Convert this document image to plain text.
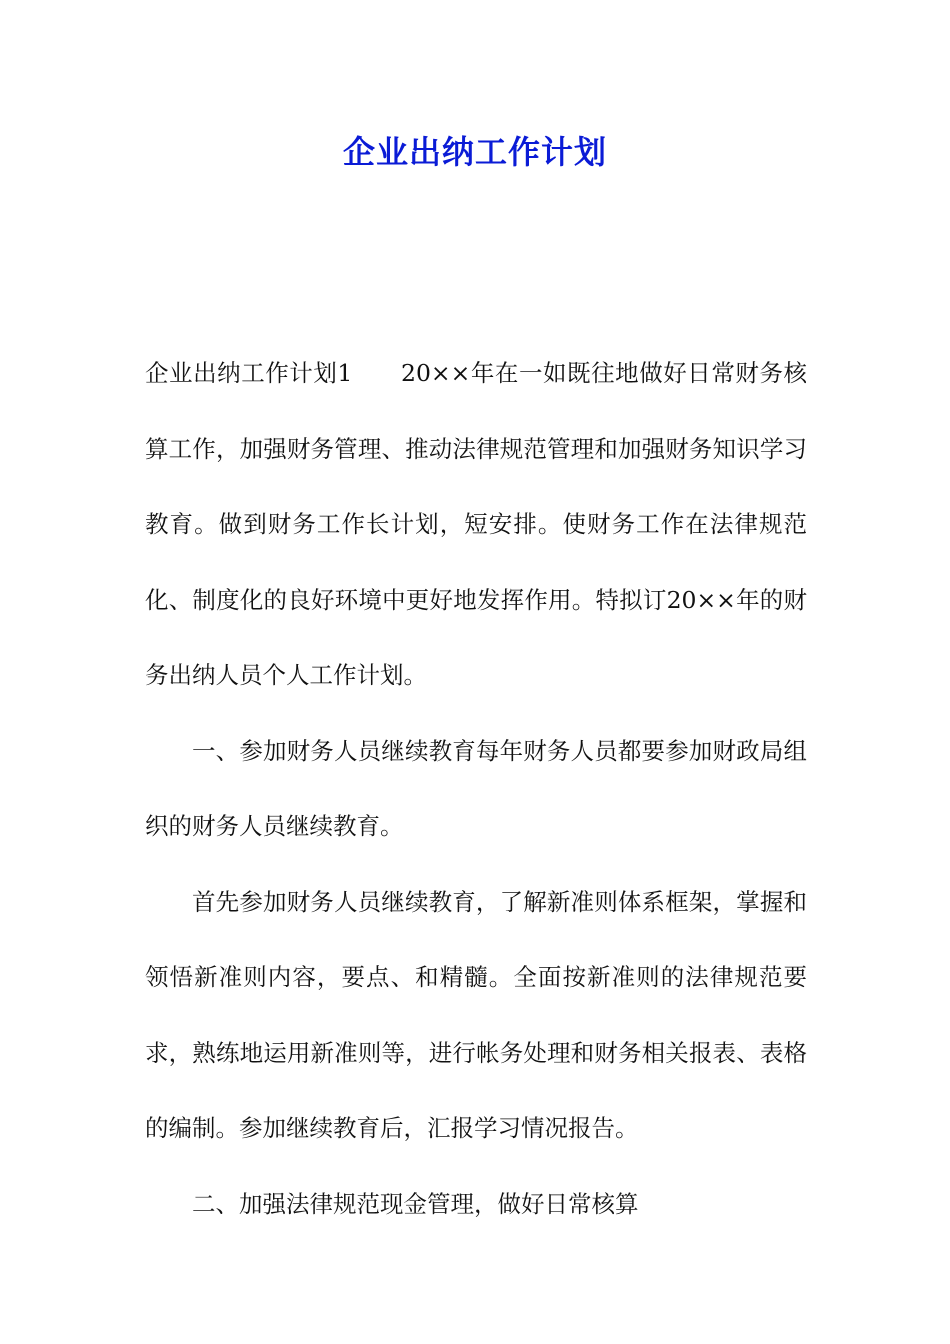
企业出纳工作计划

企业出纳工作计划1　　20××年在一如既往地做好日常财务核算工作，加强财务管理、推动法律规范管理和加强财务知识学习教育。做到财务工作长计划，短安排。使财务工作在法律规范化、制度化的良好环境中更好地发挥作用。特拟订20××年的财务出纳人员个人工作计划。

一、参加财务人员继续教育每年财务人员都要参加财政局组织的财务人员继续教育。

首先参加财务人员继续教育，了解新准则体系框架，掌握和领悟新准则内容，要点、和精髓。全面按新准则的法律规范要求，熟练地运用新准则等，进行帐务处理和财务相关报表、表格的编制。参加继续教育后，汇报学习情况报告。

二、加强法律规范现金管理，做好日常核算
